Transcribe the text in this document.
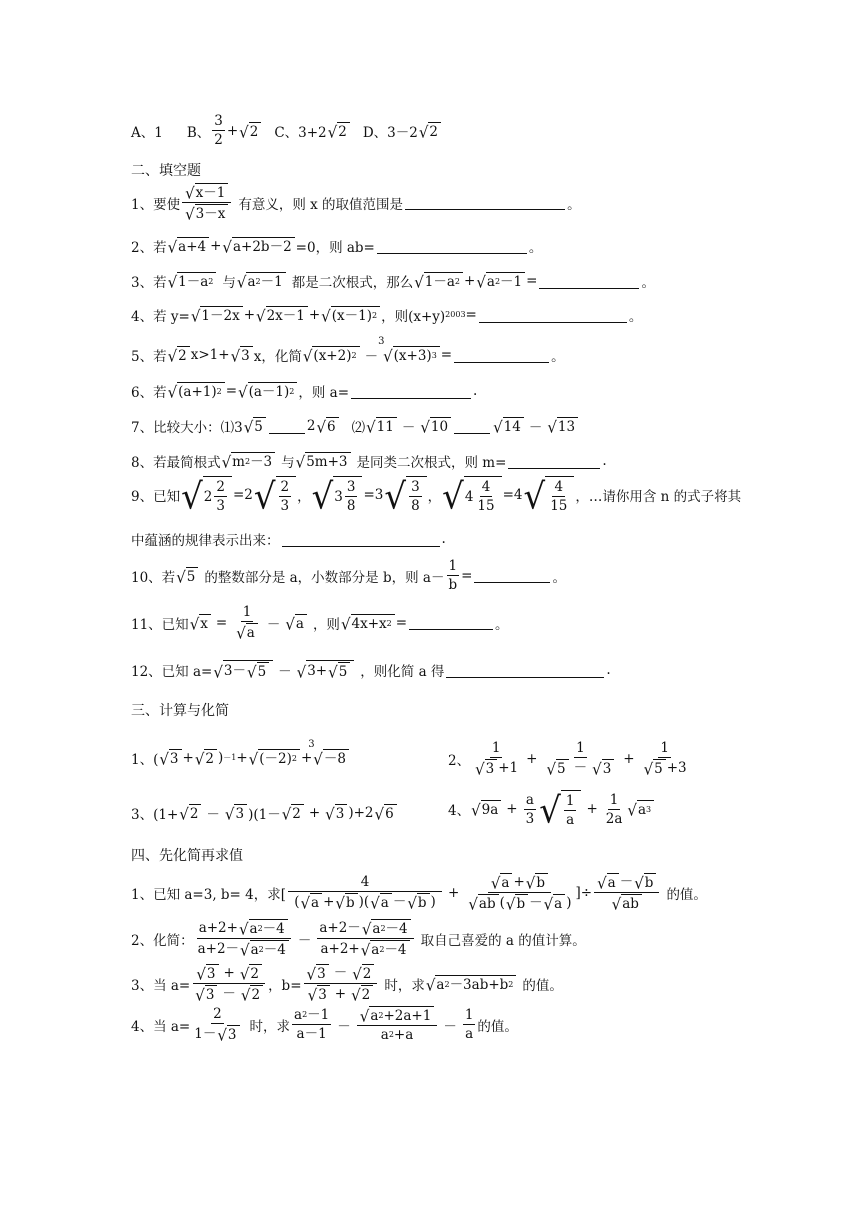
A、1 B、 $\frac{3}{2}$ + √ 2 C、3+2 √ 2 D、3－2 √ 2
二、填空题
1、要使 $\frac{√ x-1}{√ 3-x}$ 有意义，则 x 的取值范围是	。
2、若 √ a+4 + √ a+2b－2 =0，则 ab=	。
3、若 √ 1－a 2 与 √ a 2 －1 都是二次根式，那么 √ 1－a 2 + √ a 2 －1 =	。
4、若 y= √ 1－2x + √ 2x－1 + √ (x－1) 2 ，则(x+y) 2003 =	。
5、若 √ 2 x>1+ √ 3 x，化简 √ (x+2) 2 －
3
√ (x+3) 3 =	。
6、若 √ (a+1) 2 = √ (a－1) 2 ，则 a=	.
7、比较大小：⑴3 √ 5	2 √ 6 ⑵ √ 11 － √ 10	√ 14 － √ 13
8、若最简根式 √ m 2 －3 与 √ 5m+3 是同类二次根式，则 m=	.
9、已知 √ $2 \frac{2}{3} =2$ √ $\frac{2}{3}$ ， √ $3 \frac{3}{8} =3$ √ $\frac{3}{8}$ ， √ $4 \frac{4}{15} =4$ √ $\frac{4}{15}$ ，…请你用含 n 的式子将其
中蕴涵的规律表示出来：	.
10、若 √ 5 的整数部分是 a，小数部分是 b，则 $a- \frac{1}{b}$ =	。
11、已知 √ $x = \frac{1}{√ a}$ － √ a ，则 √ 4x+x 2 =	。
12、已知 a= √ 3－ √ 5 － √ 3+ √ 5 ，则化简 a 得	.
三、计算与化简
1、( √ 3 + √ 2 ) －1 + √ (－2) 2 +
3
√ －8	2、 $\frac{1}{√ 3 +1} + \frac{1}{√ 5 - √ 3} + \frac{1}{√ 5 +3}$
3、(1+ √ 2 － √ 3 )(1－ √ 2 + √ 3 )+2 √ 6	4、 √ $9a + \frac{a}{3}$ √ $\frac{1}{a} + \frac{1}{2a}$ √ a 3
四、先化简再求值
1、已知 a=3, b= 4，求[ $\frac{4}{( √ a + √ b )( √ a - √ b )} + \frac{√ a + √ b}{√ ab ( √ b - √ a )}$ ]÷ $\frac{√ a - √ b}{√ ab}$ 的值。
2、化简： $\frac{a+2+ √ a 2 -4}{a+2- √ a 2 -4} - \frac{a+2- √ a 2 -4}{a+2+ √ a 2 -4}$ 取自己喜爱的 a 的值计算。
3、当 $a= \frac{√ 3 + √ 2}{√ 3 - √ 2}$ ，$b= \frac{√ 3 - √ 2}{√ 3 + √ 2}$ 时，求 √ a 2 －3ab+b 2 的值。
4、当 $a= \frac{2}{1- √ 3}$ 时，求 $\frac{a 2 -1}{a-1} - \frac{√ a 2 +2a+1}{a 2 +a} - \frac{1}{a}$ 的值。
